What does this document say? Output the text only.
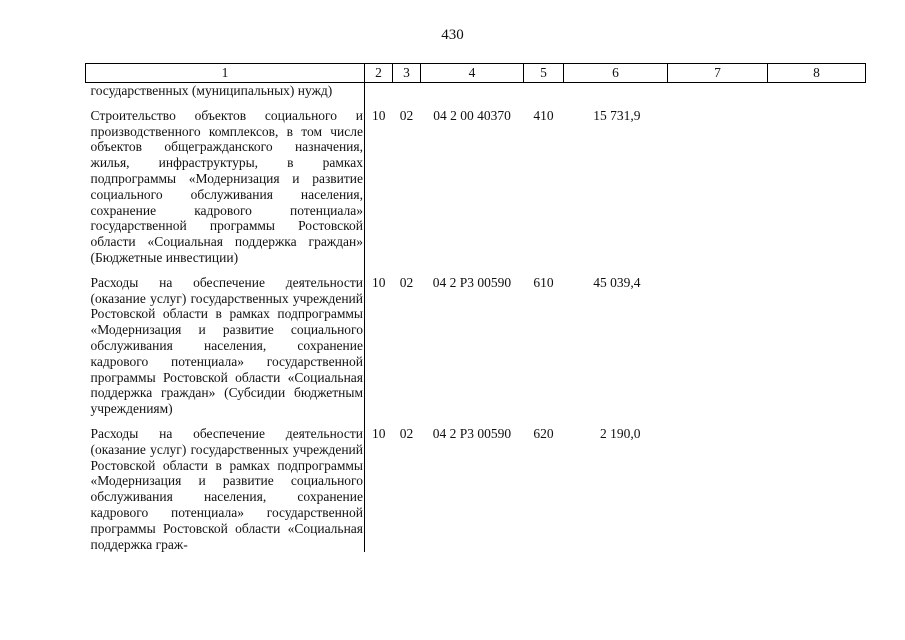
430
1	2	3	4	5	6	7	8
государственных (муниципальных) нужд)							
Строительство объектов социального и производственного комплексов, в том числе объектов общегражданского назначения, жилья, инфраструктуры, в рамках подпрограммы «Модернизация и развитие социального обслуживания населения, сохранение кадрового потенциала» государственной программы Ростовской области «Социальная поддержка граждан» (Бюджетные инвестиции)	10	02	04 2 00 40370	410	15 731,9		
Расходы на обеспечение деятельности (оказание услуг) государственных учреждений Ростовской области в рамках подпрограммы «Модернизация и развитие социального обслуживания населения, сохранение кадрового потенциала» государственной программы Ростовской области «Социальная поддержка граждан» (Субсидии бюджетным учреждениям)	10	02	04 2 Р3 00590	610	45 039,4		
Расходы на обеспечение деятельности (оказание услуг) государственных учреждений Ростовской области в рамках подпрограммы «Модернизация и развитие социального обслуживания населения, сохранение кадрового потенциала» государственной программы Ростовской области «Социальная поддержка граж-	10	02	04 2 Р3 00590	620	2 190,0		
